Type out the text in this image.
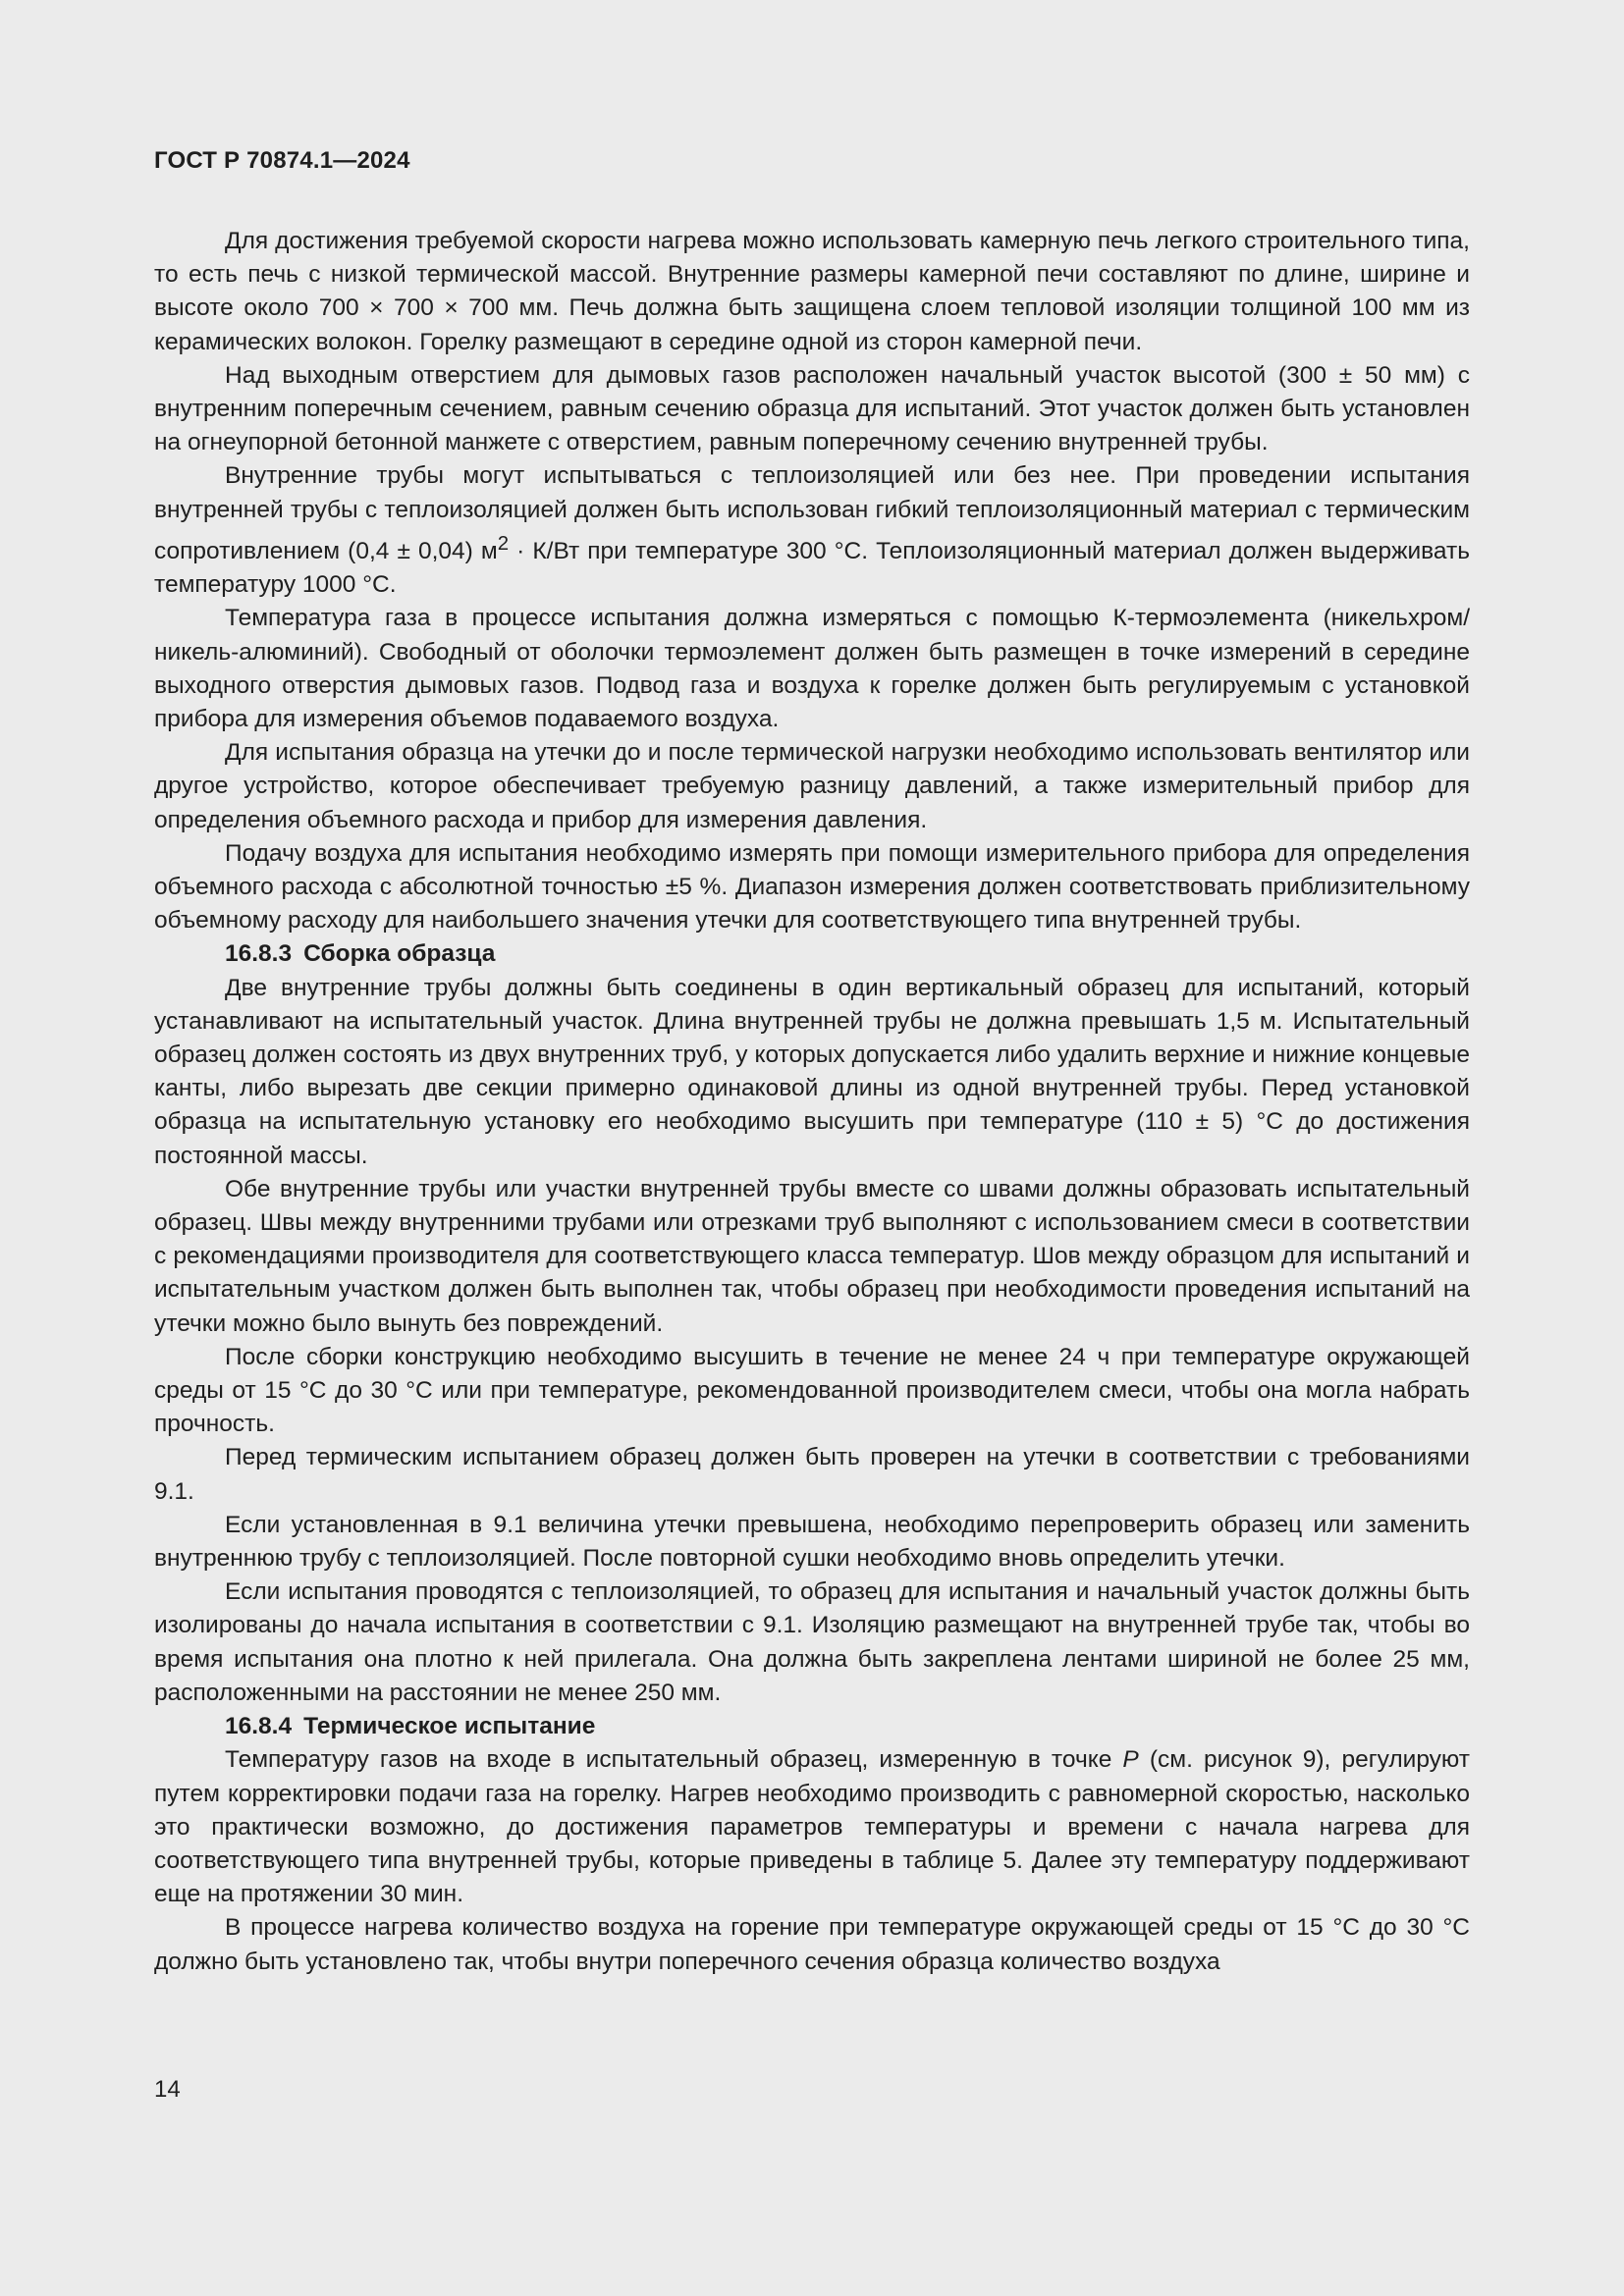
ГОСТ Р 70874.1—2024

Для достижения требуемой скорости нагрева можно использовать камерную печь легкого строительного типа, то есть печь с низкой термической массой. Внутренние размеры камерной печи составляют по длине, ширине и высоте около 700 × 700 × 700 мм. Печь должна быть защищена слоем тепловой изоляции толщиной 100 мм из керамических волокон. Горелку размещают в середине одной из сторон камерной печи.

Над выходным отверстием для дымовых газов расположен начальный участок высотой (300 ± 50 мм) с внутренним поперечным сечением, равным сечению образца для испытаний. Этот участок должен быть установлен на огнеупорной бетонной манжете с отверстием, равным поперечному сечению внутренней трубы.

Внутренние трубы могут испытываться с теплоизоляцией или без нее. При проведении испытания внутренней трубы с теплоизоляцией должен быть использован гибкий теплоизоляционный материал с термическим сопротивлением (0,4 ± 0,04) $м^2 \cdot К/Вт$ при температуре 300 °С. Теплоизоляционный материал должен выдерживать температуру 1000 °С.

Температура газа в процессе испытания должна измеряться с помощью К-термоэлемента (никельхром/никель-алюминий). Свободный от оболочки термоэлемент должен быть размещен в точке измерений в середине выходного отверстия дымовых газов. Подвод газа и воздуха к горелке должен быть регулируемым с установкой прибора для измерения объемов подаваемого воздуха.

Для испытания образца на утечки до и после термической нагрузки необходимо использовать вентилятор или другое устройство, которое обеспечивает требуемую разницу давлений, а также измерительный прибор для определения объемного расхода и прибор для измерения давления.

Подачу воздуха для испытания необходимо измерять при помощи измерительного прибора для определения объемного расхода с абсолютной точностью ±5 %. Диапазон измерения должен соответствовать приблизительному объемному расходу для наибольшего значения утечки для соответствующего типа внутренней трубы.

16.8.3 Сборка образца

Две внутренние трубы должны быть соединены в один вертикальный образец для испытаний, который устанавливают на испытательный участок. Длина внутренней трубы не должна превышать 1,5 м. Испытательный образец должен состоять из двух внутренних труб, у которых допускается либо удалить верхние и нижние концевые канты, либо вырезать две секции примерно одинаковой длины из одной внутренней трубы. Перед установкой образца на испытательную установку его необходимо высушить при температуре (110 ± 5) °С до достижения постоянной массы.

Обе внутренние трубы или участки внутренней трубы вместе со швами должны образовать испытательный образец. Швы между внутренними трубами или отрезками труб выполняют с использованием смеси в соответствии с рекомендациями производителя для соответствующего класса температур. Шов между образцом для испытаний и испытательным участком должен быть выполнен так, чтобы образец при необходимости проведения испытаний на утечки можно было вынуть без повреждений.

После сборки конструкцию необходимо высушить в течение не менее 24 ч при температуре окружающей среды от 15 °С до 30 °С или при температуре, рекомендованной производителем смеси, чтобы она могла набрать прочность.

Перед термическим испытанием образец должен быть проверен на утечки в соответствии с требованиями 9.1.

Если установленная в 9.1 величина утечки превышена, необходимо перепроверить образец или заменить внутреннюю трубу с теплоизоляцией. После повторной сушки необходимо вновь определить утечки.

Если испытания проводятся с теплоизоляцией, то образец для испытания и начальный участок должны быть изолированы до начала испытания в соответствии с 9.1. Изоляцию размещают на внутренней трубе так, чтобы во время испытания она плотно к ней прилегала. Она должна быть закреплена лентами шириной не более 25 мм, расположенными на расстоянии не менее 250 мм.

16.8.4 Термическое испытание

Температуру газов на входе в испытательный образец, измеренную в точке Р (см. рисунок 9), регулируют путем корректировки подачи газа на горелку. Нагрев необходимо производить с равномерной скоростью, насколько это практически возможно, до достижения параметров температуры и времени с начала нагрева для соответствующего типа внутренней трубы, которые приведены в таблице 5. Далее эту температуру поддерживают еще на протяжении 30 мин.

В процессе нагрева количество воздуха на горение при температуре окружающей среды от 15 °С до 30 °С должно быть установлено так, чтобы внутри поперечного сечения образца количество воздуха

14
